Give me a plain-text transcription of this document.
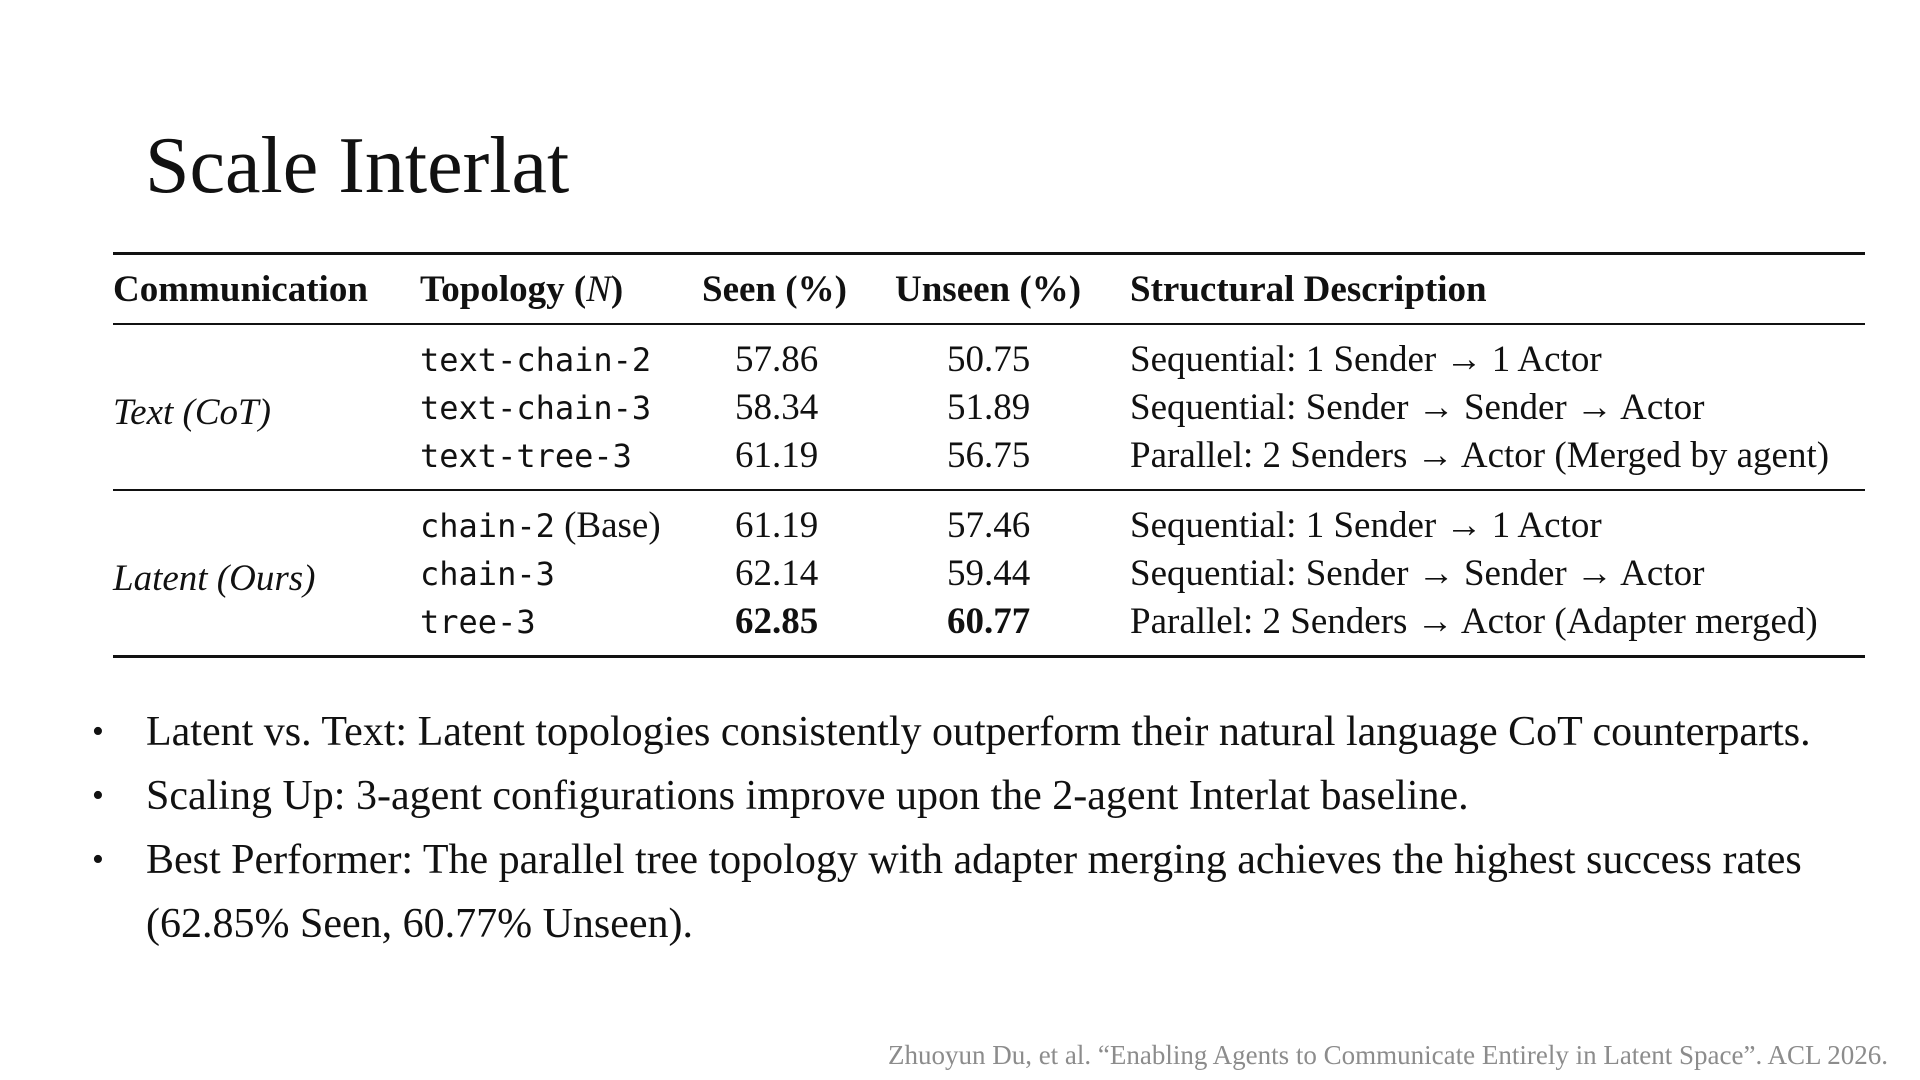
Scale Interlat
Communication	Topology (N)	Seen (%)	Unseen (%)	Structural Description
Text (CoT)	text-chain-2	57.86	50.75	Sequential: 1 Sender → 1 Actor
	text-chain-3	58.34	51.89	Sequential: Sender → Sender → Actor
	text-tree-3	61.19	56.75	Parallel: 2 Senders → Actor (Merged by agent)
Latent (Ours)	chain-2 (Base)	61.19	57.46	Sequential: 1 Sender → 1 Actor
	chain-3	62.14	59.44	Sequential: Sender → Sender → Actor
	tree-3	62.85	60.77	Parallel: 2 Senders → Actor (Adapter merged)
• Latent vs. Text: Latent topologies consistently outperform their natural language CoT counterparts.
• Scaling Up: 3-agent configurations improve upon the 2-agent Interlat baseline.
• Best Performer: The parallel tree topology with adapter merging achieves the highest success rates (62.85% Seen, 60.77% Unseen).
Zhuoyun Du, et al. “Enabling Agents to Communicate Entirely in Latent Space”. ACL 2026.
